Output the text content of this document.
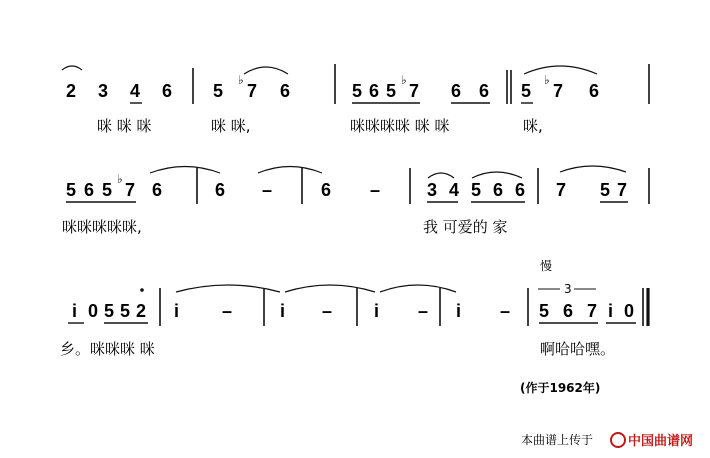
2 3 4 6 5
♭
7 6	5 6 5
♭
7 6 6 5
♭
7 6
咪 咪 咪	咪 咪,	咪咪咪咪 咪 咪	咪,
5 6 5
♭
7 6	6 –	6 –	3 4 5 6 6 7 5 7
咪咪咪咪咪,	我 可爱的 家
i 0 5 5 2 i –	i – i – i –
慢
3
5 6 7 i 0
乡。咪咪咪 咪	啊哈哈嘿。
(作于1962年)
本曲谱上传于	中国曲谱网
